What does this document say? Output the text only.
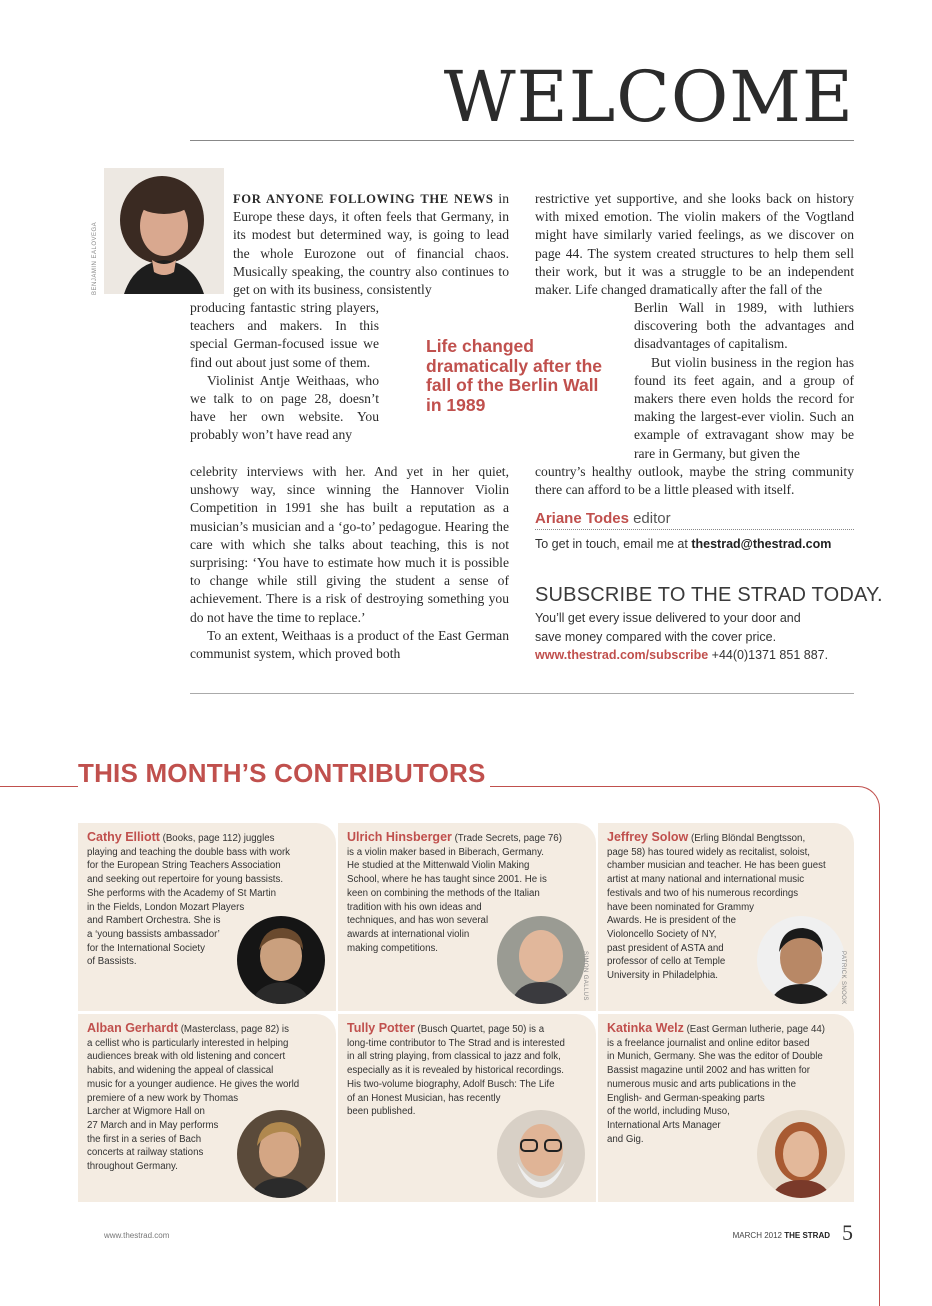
WELCOME
BENJAMIN EALOVEGA

FOR ANYONE FOLLOWING THE NEWS in Europe these days, it often feels that Germany, in its modest but determined way, is going to lead the whole Eurozone out of financial chaos. Musically speaking, the country also continues to get on with its business, consistently

producing fantastic string players, teachers and makers. In this special German-focused issue we find out about just some of them.

Violinist Antje Weithaas, who we talk to on page 28, doesn’t have her own website. You probably won’t have read any

celebrity interviews with her. And yet in her quiet, unshowy way, since winning the Hannover Violin Competition in 1991 she has built a reputation as a musician’s musician and a ‘go-to’ pedagogue. Hearing the care with which she talks about teaching, this is not surprising: ‘You have to estimate how much it is possible to change while still giving the student a sense of achievement. There is a risk of destroying something you do not have the time to replace.’

To an extent, Weithaas is a product of the East German communist system, which proved both

Life changed dramatically after the fall of the Berlin Wall in 1989

restrictive yet supportive, and she looks back on history with mixed emotion. The violin makers of the Vogtland might have similarly varied feelings, as we discover on page 44. The system created structures to help them sell their work, but it was a struggle to be an independent maker. Life changed dramatically after the fall of the

Berlin Wall in 1989, with luthiers discovering both the advantages and disadvantages of capitalism.

But violin business in the region has found its feet again, and a group of makers there even holds the record for making the largest-ever violin. Such an example of extravagant show may be rare in Germany, but given the

country’s healthy outlook, maybe the string community there can afford to be a little pleased with itself.

Ariane Todes editor
To get in touch, email me at thestrad@thestrad.com
SUBSCRIBE TO THE STRAD TODAY.

You’ll get every issue delivered to your door and
save money compared with the cover price.
www.thestrad.com/subscribe +44(0)1371 851 887.

THIS MONTH’S CONTRIBUTORS

Cathy Elliott (Books, page 112) juggles

playing and teaching the double bass with work

for the European String Teachers Association

and seeking out repertoire for young bassists.

She performs with the Academy of St Martin

in the Fields, London Mozart Players

and Rambert Orchestra. She is

a ‘young bassists ambassador’

for the International Society

of Bassists.

Ulrich Hinsberger (Trade Secrets, page 76)

is a violin maker based in Biberach, Germany.

He studied at the Mittenwald Violin Making

School, where he has taught since 2001. He is

keen on combining the methods of the Italian

tradition with his own ideas and

techniques, and has won several

awards at international violin

making competitions.

SIMON GALLUS

Jeffrey Solow (Erling Blöndal Bengtsson,

page 58) has toured widely as recitalist, soloist,

chamber musician and teacher. He has been guest

artist at many national and international music

festivals and two of his numerous recordings

have been nominated for Grammy

Awards. He is president of the

Violoncello Society of NY,

past president of ASTA and

professor of cello at Temple

University in Philadelphia.	PATRICK SNOOK

Alban Gerhardt (Masterclass, page 82) is

a cellist who is particularly interested in helping

audiences break with old listening and concert

habits, and widening the appeal of classical

music for a younger audience. He gives the world

premiere of a new work by Thomas

Larcher at Wigmore Hall on

27 March and in May performs

the first in a series of Bach

concerts at railway stations

throughout Germany.

Tully Potter (Busch Quartet, page 50) is a

long-time contributor to The Strad and is interested

in all string playing, from classical to jazz and folk,

especially as it is revealed by historical recordings.

His two-volume biography, Adolf Busch: The Life

of an Honest Musician, has recently

been published.

Katinka Welz (East German lutherie, page 44)

is a freelance journalist and online editor based

in Munich, Germany. She was the editor of Double

Bassist magazine until 2002 and has written for

numerous music and arts publications in the

English- and German-speaking parts

of the world, including Muso,

International Arts Manager

and Gig.

www.thestrad.com	MARCH 2012 THE STRAD 5
